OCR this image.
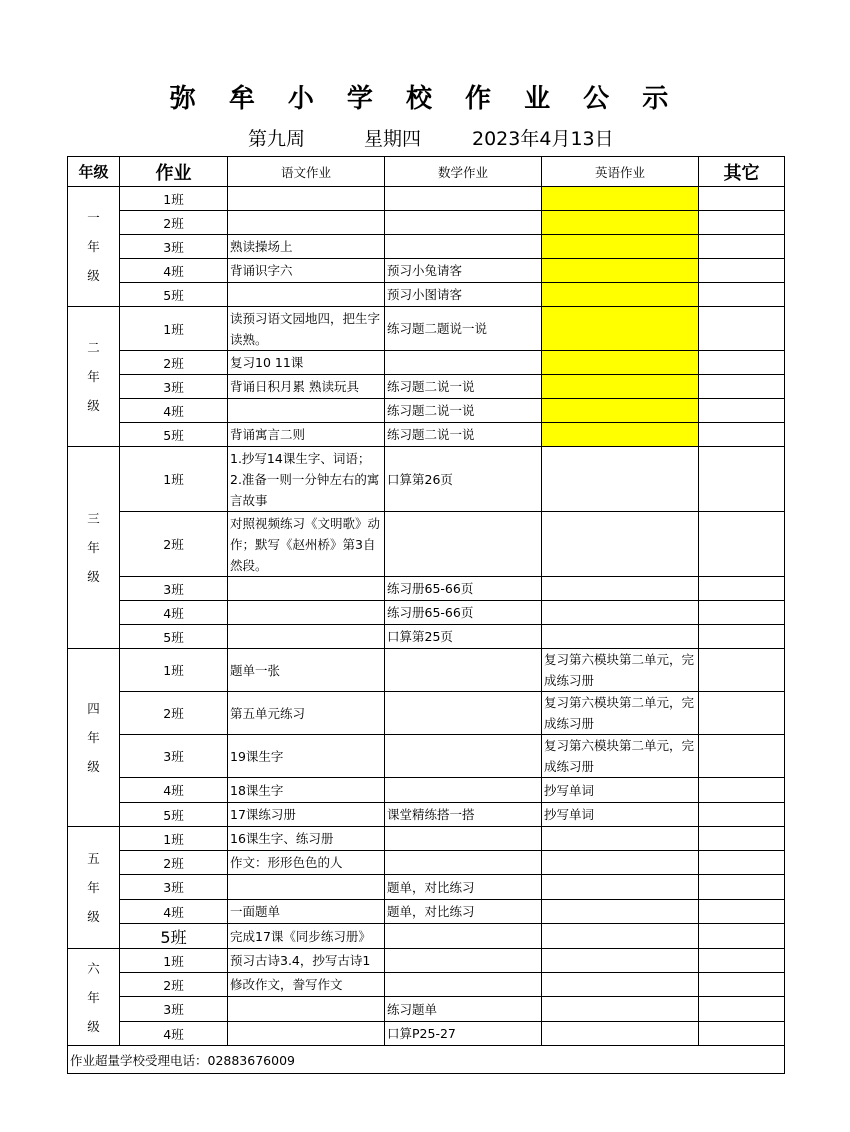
弥 牟 小 学 校 作 业 公 示
第九周	星期四	2023年4月13日
年级	作业	语文作业	数学作业	英语作业	其它

一
年
级	1班				
	2班				
	3班	熟读操场上			
	4班	背诵识字六	预习小兔请客		
	5班		预习小图请客		

二
年
级	1班	读预习语文园地四，把生字读熟。	练习题二题说一说		
	2班	复习10 11课			
	3班	背诵日积月累 熟读玩具	练习题二说一说		
	4班		练习题二说一说		
	5班	背诵寓言二则	练习题二说一说		

三
年
级	1班	1.抄写14课生字、词语；2.准备一则一分钟左右的寓言故事	口算第26页		
	2班	对照视频练习《文明歌》动作；默写《赵州桥》第3自然段。			
	3班		练习册65-66页		
	4班		练习册65-66页		
	5班		口算第25页		

四
年
级	1班	题单一张		复习第六模块第二单元，完成练习册	
	2班	第五单元练习		复习第六模块第二单元，完成练习册	
	3班	19课生字		复习第六模块第二单元，完成练习册	
	4班	18课生字		抄写单词	
	5班	17课练习册	课堂精练搭一搭	抄写单词	

五
年
级	1班	16课生字、练习册			
	2班	作文：形形色色的人			
	3班		题单，对比练习		
	4班	一面题单	题单，对比练习		
	5班	完成17课《同步练习册》			

六
年
级	1班	预习古诗3.4，抄写古诗1			
	2班	修改作文，誊写作文			
	3班		练习题单		
	4班		口算P25-27		
作业超量学校受理电话：02883676009					
